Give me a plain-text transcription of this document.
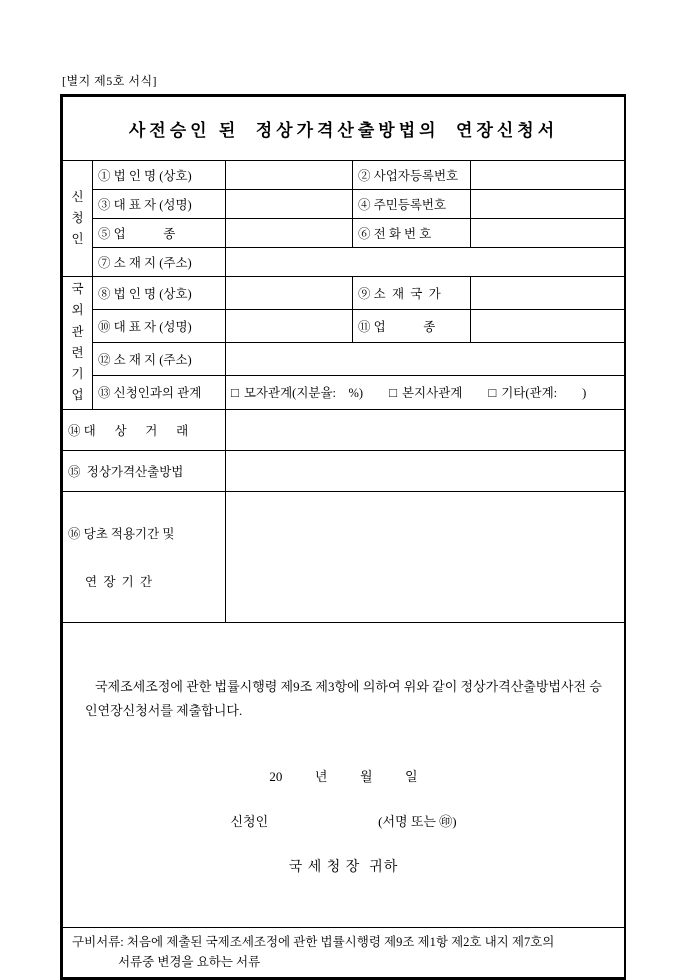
[별지 제5호 서식]
사전승인 된  정상가격산출방법의  연장신청서				

신
청
인	① 법 인 명 (상호)		② 사업자등록번호	
	③ 대 표 자 (성명)		④ 주민등록번호	
	⑤ 업            종		⑥ 전 화 번 호	
	⑦ 소 재 지 (주소)			

국외
관련
기업	⑧ 법 인 명 (상호)		⑨ 소  재  국  가	
	⑩ 대 표 자 (성명)		⑪ 업            종	
	⑫ 소 재 지 (주소)			
⑬ 신청인과의 관계	□ 모자관계(지분율:    %) □ 본지사관계 □ 기타(관계:        )

⑭ 대      상      거      래				
⑮  정상가격산출방법				

⑯ 당초 적용기간 및

연  장  기  간				

국제조세조정에 관한 법률시행령 제9조 제3항에 의하여 위와 같이 정상가격산출방법사전 승인연장신청서를 제출합니다.
20          년          월          일
신청인 (서명 또는 ㊞)
국 세 청 장  귀하				

구비서류: 처음에 제출된 국제조세조정에 관한 법률시행령 제9조 제1항 제2호 내지 제7호의
서류중 변경을 요하는 서류				
